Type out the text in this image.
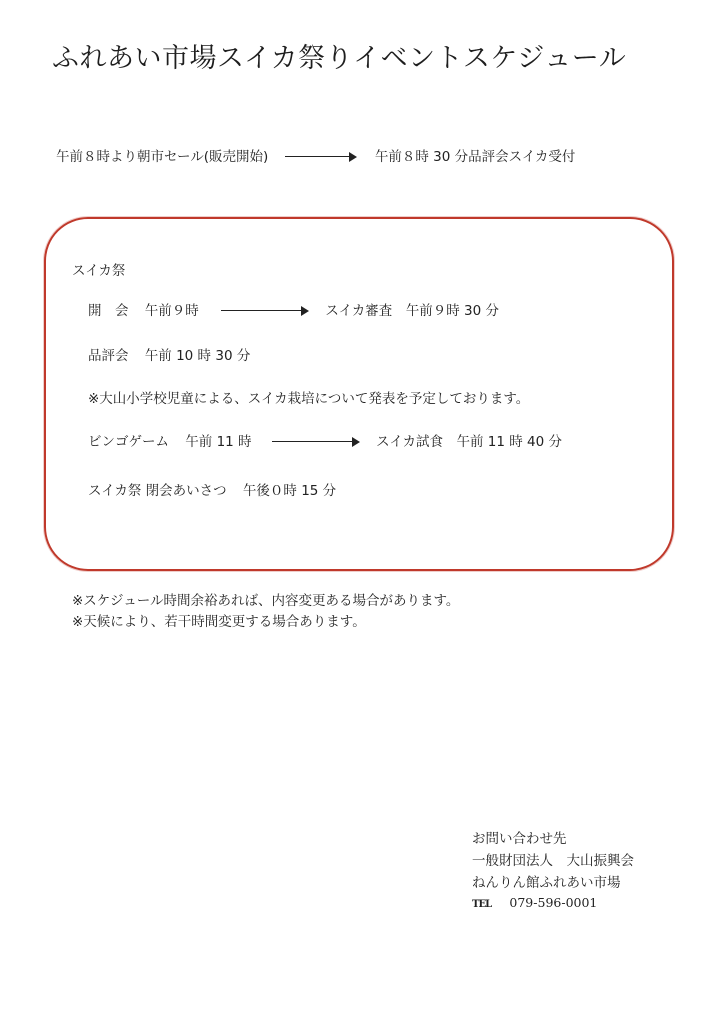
ふれあい市場スイカ祭りイベントスケジュール
午前８時より朝市セール(販売開始)	午前８時 30 分品評会スイカ受付
スイカ祭
開　会 午前９時	スイカ審査　午前９時 30 分
品評会 午前 10 時 30 分
※大山小学校児童による、スイカ栽培について発表を予定しております。
ビンゴゲーム 午前 11 時	スイカ試食　午前 11 時 40 分
スイカ祭 閉会あいさつ 午後０時 15 分
※スケジュール時間余裕あれば、内容変更ある場合があります。
※天候により、若干時間変更する場合あります。
お問い合わせ先
一般財団法人　大山振興会
ねんりん館ふれあい市場
TEL 079-596-0001
